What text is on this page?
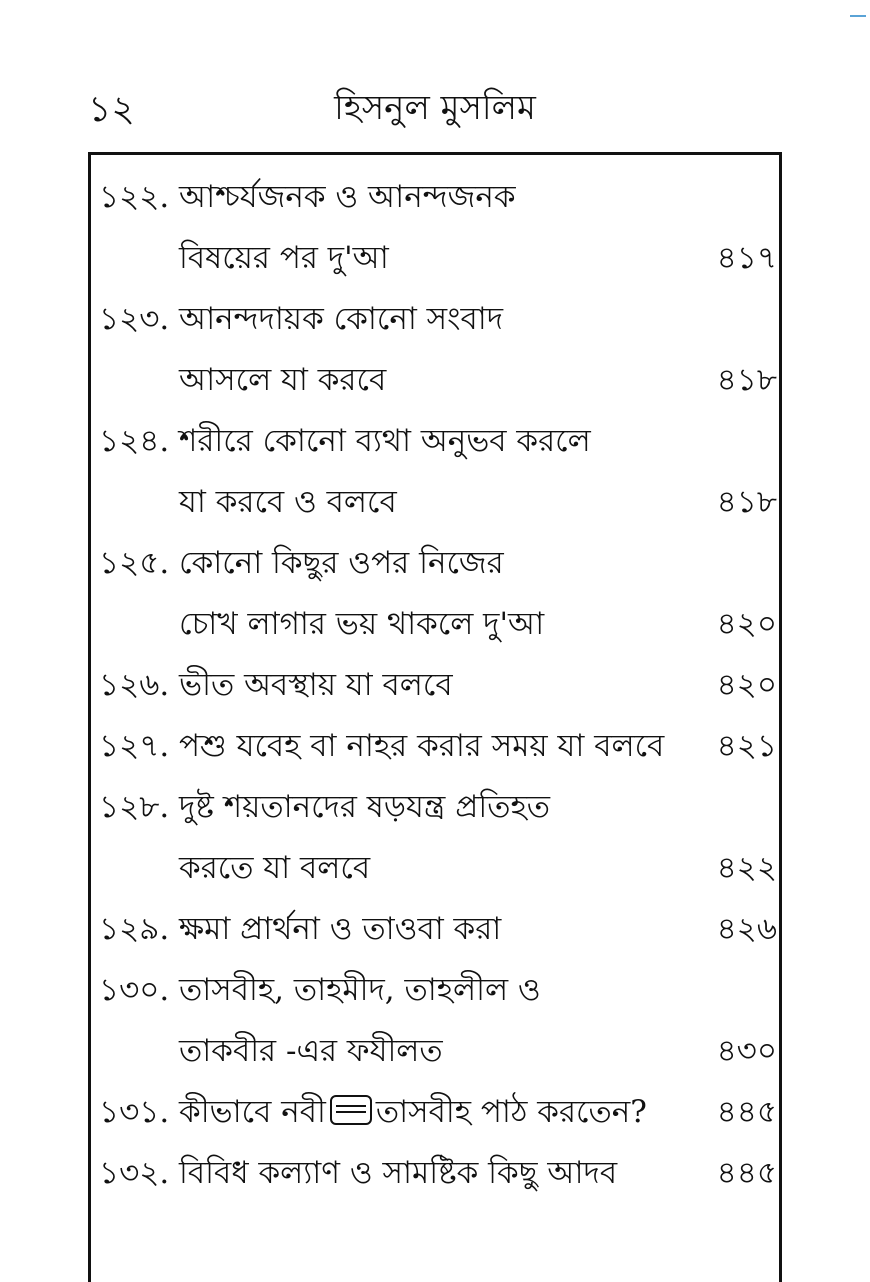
১২	হিসনুল মুসলিম
১২২. আশ্চর্যজনক ও আনন্দজনক
বিষয়ের পর দু'আ	৪১৭
১২৩. আনন্দদায়ক কোনো সংবাদ
আসলে যা করবে	৪১৮
১২৪. শরীরে কোনো ব্যথা অনুভব করলে
যা করবে ও বলবে	৪১৮
১২৫. কোনো কিছুর ওপর নিজের
চোখ লাগার ভয় থাকলে দু'আ	৪২০
১২৬. ভীত অবস্থায় যা বলবে	৪২০
১২৭. পশু যবেহ বা নাহর করার সময় যা বলবে ৪২১
১২৮. দুষ্ট শয়তানদের ষড়যন্ত্র প্রতিহত
করতে যা বলবে	৪২২
১২৯. ক্ষমা প্রার্থনা ও তাওবা করা	৪২৬
১৩০. তাসবীহ, তাহমীদ, তাহলীল ও
তাকবীর -এর ফযীলত	৪৩০
১৩১. কীভাবে নবী তাসবীহ পাঠ করতেন? ৪৪৫
১৩২. বিবিধ কল্যাণ ও সামষ্টিক কিছু আদব	৪৪৫
